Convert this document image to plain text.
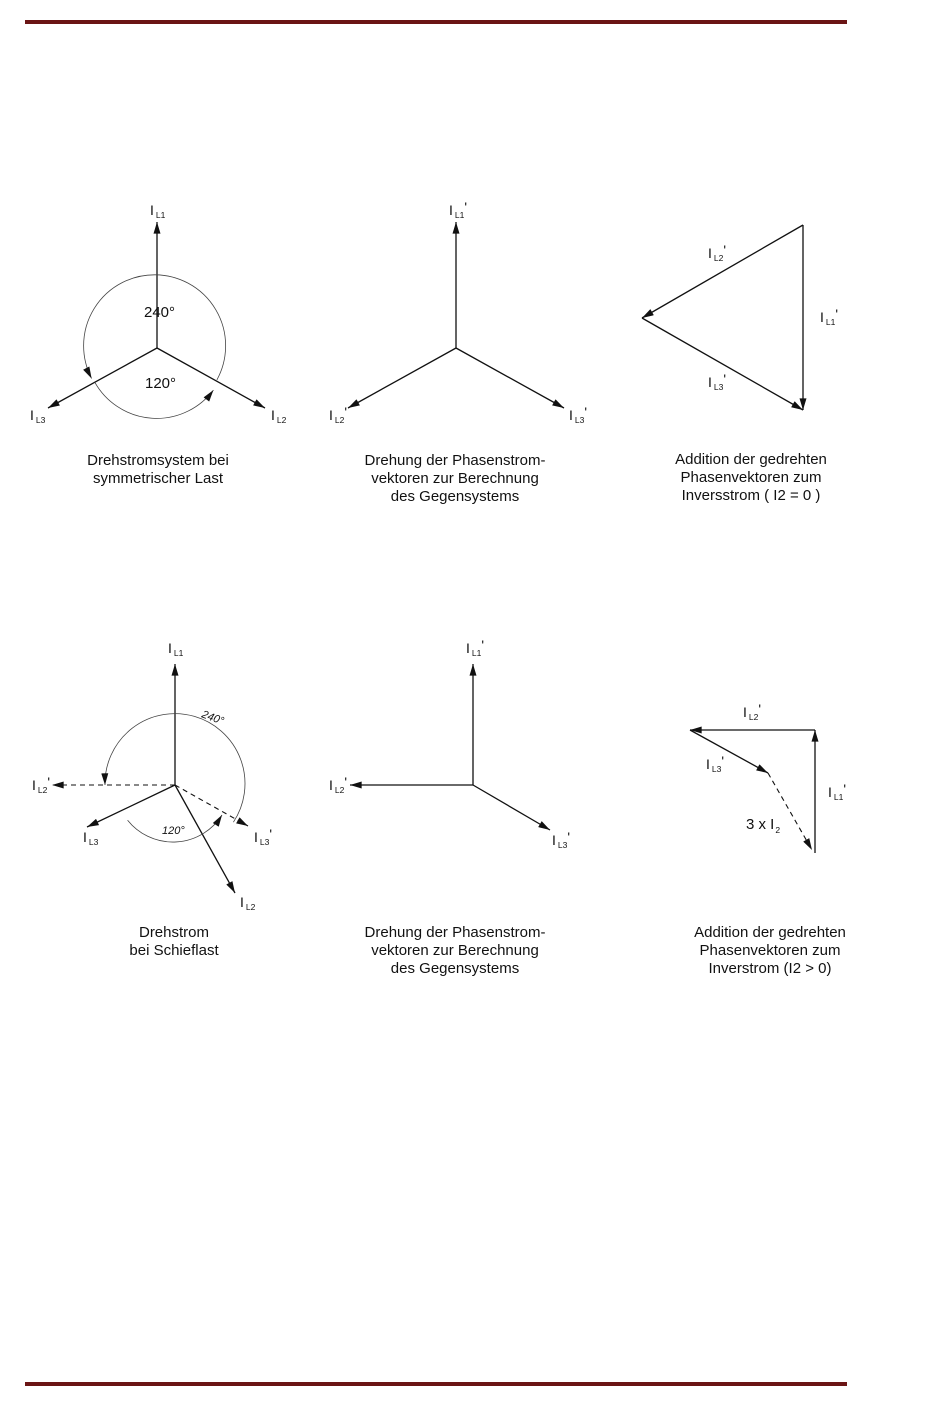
240°
120°
I $_{L1}$
I $_{L2}$
I $_{L3}$
Drehstromsystem bei
symmetrischer Last
I $_{L1}$'
I $_{L2}$'	I $_{L3}$'
Drehung der Phasenstrom-
vektoren zur Berechnung
des Gegensystems
I $_{L2}$'
I $_{L1}$'
I $_{L3}$'
Addition der gedrehten
Phasenvektoren zum
Inversstrom ( I2 = 0 )
240°
120°
I $_{L1}$
I $_{L2}$'
I $_{L3}$	I $_{L3}$'
I $_{L2}$
Drehstrom
bei Schieflast
I $_{L1}$'
I $_{L2}$'
I $_{L3}$'
Drehung der Phasenstrom-
vektoren zur Berechnung
des Gegensystems
I $_{L2}$'
I $_{L3}$'
I $_{L1}$'
3 x $I_2$
Addition der gedrehten
Phasenvektoren zum
Inverstrom (I2 > 0)
